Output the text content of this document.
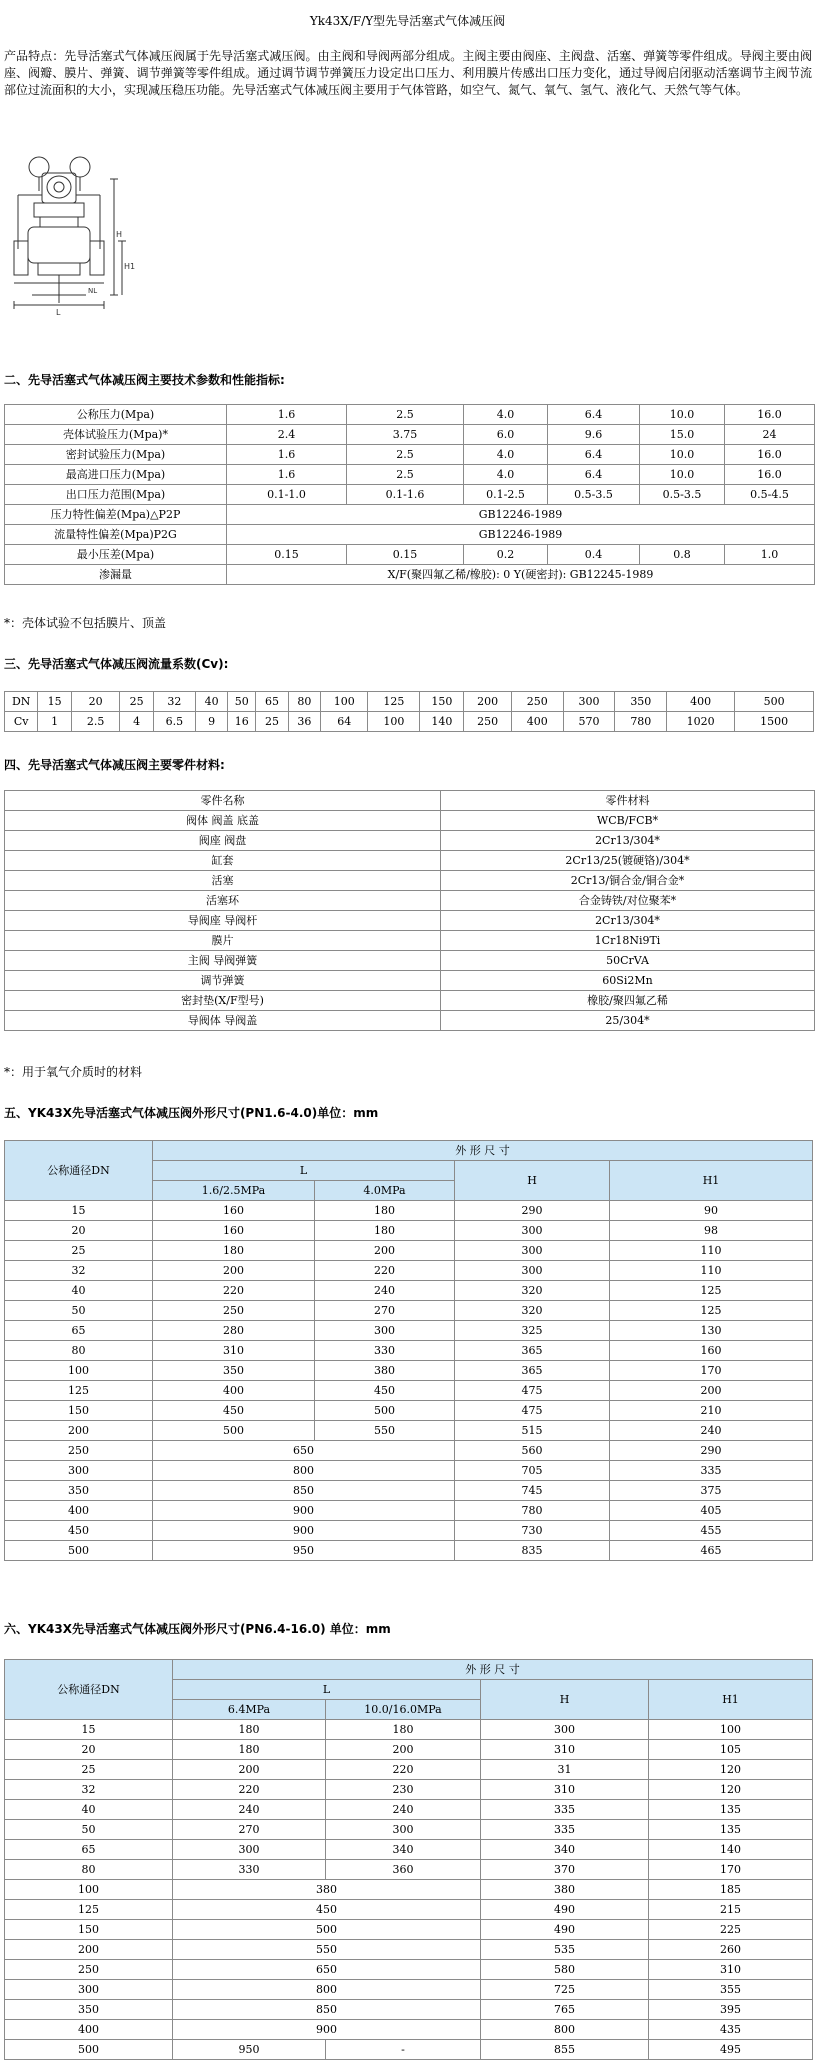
Yk43X/F/Y型先导活塞式气体减压阀
产品特点：先导活塞式气体减压阀属于先导活塞式减压阀。由主阀和导阀两部分组成。主阀主要由阀座、主阀盘、活塞、弹簧等零件组成。导阀主要由阀座、阀瓣、膜片、弹簧、调节弹簧等零件组成。通过调节调节弹簧压力设定出口压力、利用膜片传感出口压力变化，通过导阀启闭驱动活塞调节主阀节流部位过流面积的大小，实现减压稳压功能。先导活塞式气体减压阀主要用于气体管路，如空气、氮气、氧气、氢气、液化气、天然气等气体。
H
L
H1
NL
二、先导活塞式气体减压阀主要技术参数和性能指标:
公称压力(Mpa)	1.6	2.5	4.0	6.4	10.0	16.0
壳体试验压力(Mpa)*	2.4	3.75	6.0	9.6	15.0	24
密封试验压力(Mpa)	1.6	2.5	4.0	6.4	10.0	16.0
最高进口压力(Mpa)	1.6	2.5	4.0	6.4	10.0	16.0
出口压力范围(Mpa)	0.1-1.0	0.1-1.6	0.1-2.5	0.5-3.5	0.5-3.5	0.5-4.5
压力特性偏差(Mpa)△P2P	GB12246-1989					
流量特性偏差(Mpa)P2G	GB12246-1989					
最小压差(Mpa)	0.15	0.15	0.2	0.4	0.8	1.0
渗漏量	X/F(聚四氟乙稀/橡胶): 0 Y(硬密封): GB12245-1989					
*：壳体试验不包括膜片、顶盖
三、先导活塞式气体减压阀流量系数(Cv):
DN	15	20	25	32	40	50	65	80	100	125	150	200	250	300	350	400	500
Cv	1	2.5	4	6.5	9	16	25	36	64	100	140	250	400	570	780	1020	1500
四、先导活塞式气体减压阀主要零件材料:
零件名称	零件材料
阀体 阀盖 底盖	WCB/FCB*
阀座 阀盘	2Cr13/304*
缸套	2Cr13/25(镀硬铬)/304*
活塞	2Cr13/铜合金/铜合金*
活塞环	合金铸铁/对位聚苯*
导阀座 导阀杆	2Cr13/304*
膜片	1Cr18Ni9Ti
主阀 导阀弹簧	50CrVA
调节弹簧	60Si2Mn
密封垫(X/F型号)	橡胶/聚四氟乙稀
导阀体 导阀盖	25/304*
*：用于氧气介质时的材料
五、YK43X先导活塞式气体减压阀外形尺寸(PN1.6-4.0)单位：mm
公称通径DN	外 形 尺 寸			
	L		H	H1
	1.6/2.5MPa	4.0MPa		
15	160	180	290	90
20	160	180	300	98
25	180	200	300	110
32	200	220	300	110
40	220	240	320	125
50	250	270	320	125
65	280	300	325	130
80	310	330	365	160
100	350	380	365	170
125	400	450	475	200
150	450	500	475	210
200	500	550	515	240
250	650		560	290
300	800		705	335
350	850		745	375
400	900		780	405
450	900		730	455
500	950		835	465
六、YK43X先导活塞式气体减压阀外形尺寸(PN6.4-16.0) 单位：mm
公称通径DN	外 形 尺 寸			
	L		H	H1
	6.4MPa	10.0/16.0MPa		
15	180	180	300	100
20	180	200	310	105
25	200	220	31	120
32	220	230	310	120
40	240	240	335	135
50	270	300	335	135
65	300	340	340	140
80	330	360	370	170
100	380		380	185
125	450		490	215
150	500		490	225
200	550		535	260
250	650		580	310
300	800		725	355
350	850		765	395
400	900		800	435
500	950	-	855	495
